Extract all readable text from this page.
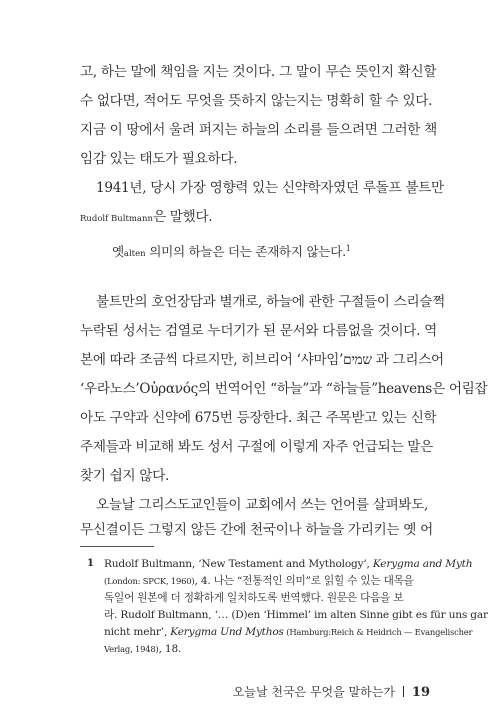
고, 하는 말에 책임을 지는 것이다. 그 말이 무슨 뜻인지 확신할
수 없다면, 적어도 무엇을 뜻하지 않는지는 명확히 할 수 있다.
지금 이 땅에서 울려 퍼지는 하늘의 소리를 들으려면 그러한 책
임감 있는 태도가 필요하다.
1941년, 당시 가장 영향력 있는 신약학자였던 루돌프 불트만
Rudolf Bultmann은 말했다.
옛alten 의미의 하늘은 더는 존재하지 않는다.$^1$
불트만의 호언장담과 별개로, 하늘에 관한 구절들이 스리슬쩍
누락된 성서는 검열로 누더기가 된 문서와 다름없을 것이다. 역
본에 따라 조금씩 다르지만, 히브리어 ‘샤마임’שמים 과 그리스어
‘우라노스’Οὐρανός의 번역어인 “하늘”과 “하늘들”heavens은 어림잡
아도 구약과 신약에 675번 등장한다. 최근 주목받고 있는 신학
주제들과 비교해 봐도 성서 구절에 이렇게 자주 언급되는 말은
찾기 쉽지 않다.
오늘날 그리스도교인들이 교회에서 쓰는 언어를 살펴봐도,
무신결이든 그렇지 않든 간에 천국이나 하늘을 가리키는 옛 어
1 Rudolf Bultmann, ‘New Testament and Mythology’, Kerygma and Myth
(London: SPCK, 1960), 4. 나는 “전통적인 의미”로 읽힐 수 있는 대목을
독일어 원본에 더 정확하게 일치하도록 번역했다. 원문은 다음을 보
라. Rudolf Bultmann, ‘… (D)en ‘Himmel’ im alten Sinne gibt es für uns gar
nicht mehr’, Kerygma Und Mythos (Hamburg:Reich & Heidrich — Evangelischer
Verlag, 1948), 18.
오늘날 천국은 무엇을 말하는가 19
